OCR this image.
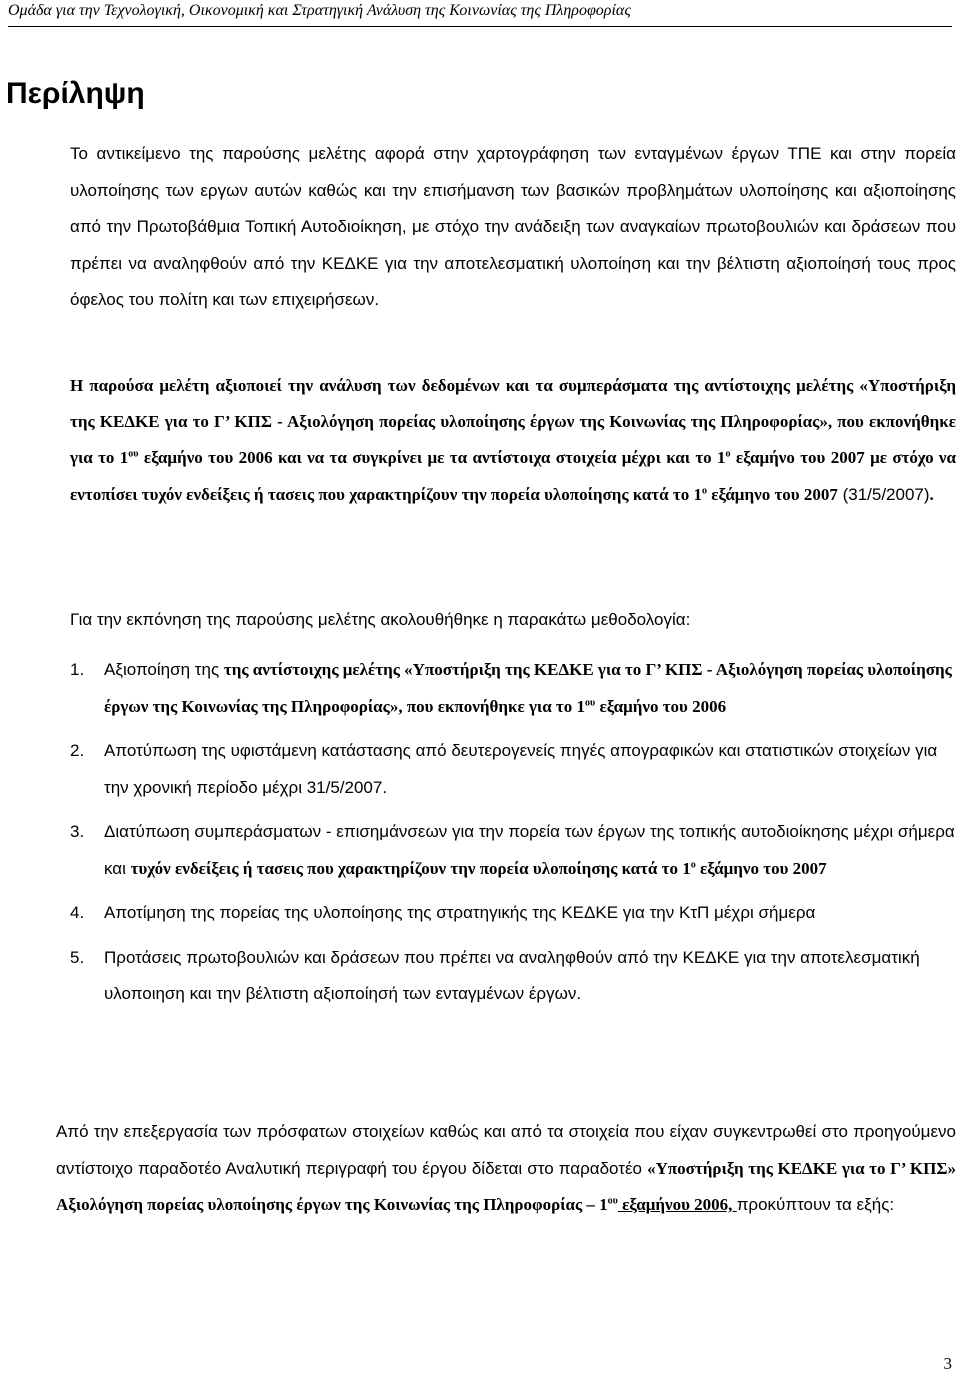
Ομάδα για την Τεχνολογική, Οικονομική και Στρατηγική Ανάλυση της Κοινωνίας της Πληροφορίας
Περίληψη

Το αντικείμενο της παρούσης μελέτης αφορά στην χαρτογράφηση των ενταγμένων έργων ΤΠΕ και στην πορεία υλοποίησης των εργων αυτών καθώς και την επισήμανση των βασικών προβλημάτων υλοποίησης και αξιοποίησης από την Πρωτοβάθμια Τοπική Αυτοδιοίκηση, με στόχο την ανάδειξη των αναγκαίων πρωτοβουλιών και δράσεων που πρέπει να αναληφθούν από την ΚΕΔΚΕ για την αποτελεσματική υλοποίηση και την βέλτιστη αξιοποίησή τους προς όφελος του πολίτη και των επιχειρήσεων.

Η παρούσα μελέτη αξιοποιεί την ανάλυση των δεδομένων και τα συμπεράσματα της αντίστοιχης μελέτης «Υποστήριξη της ΚΕΔΚΕ για το Γ’ ΚΠΣ - Αξιολόγηση πορείας υλοποίησης έργων της Κοινωνίας της Πληροφορίας», που εκπονήθηκε για το $1^{o\upsilon}$ εξαμήνο του 2006 και να τα συγκρίνει με τα αντίστοιχα στοιχεία μέχρι και το $1^o$ εξαμήνο του 2007 με στόχο να εντοπίσει τυχόν ενδείξεις ή τασεις που χαρακτηρίζουν την πορεία υλοποίησης κατά το $1^o$ εξάμηνο του 2007 (31/5/2007).

Για την εκπόνηση της παρούσης μελέτης ακολουθήθηκε η παρακάτω μεθοδολογία:

1. Αξιοποίηση της της αντίστοιχης μελέτης «Υποστήριξη της ΚΕΔΚΕ για το Γ’ ΚΠΣ - Αξιολόγηση πορείας υλοποίησης έργων της Κοινωνίας της Πληροφορίας», που εκπονήθηκε για το $1^{o\upsilon}$ εξαμήνο του 2006
2. Αποτύπωση της υφιστάμενη κατάστασης από δευτερογενείς πηγές απογραφικών και στατιστικών στοιχείων για την χρονική περίοδο μέχρι 31/5/2007.
3. Διατύπωση συμπεράσματων - επισημάνσεων για την πορεία των έργων της τοπικής αυτοδιοίκησης μέχρι σήμερα και τυχόν ενδείξεις ή τασεις που χαρακτηρίζουν την πορεία υλοποίησης κατά το $1^o$ εξάμηνο του 2007
4. Αποτίμηση της πορείας της υλοποίησης της στρατηγικής της ΚΕΔΚΕ για την ΚτΠ μέχρι σήμερα
5. Προτάσεις πρωτοβουλιών και δράσεων που πρέπει να αναληφθούν από την ΚΕΔΚΕ για την αποτελεσματική υλοποιηση και την βέλτιστη αξιοποίησή των ενταγμένων έργων.

Από την επεξεργασία των πρόσφατων στοιχείων καθώς και από τα στοιχεία που είχαν συγκεντρωθεί στο προηγούμενο αντίστοιχο παραδοτέο Αναλυτική περιγραφή του έργου δίδεται στο παραδοτέο «Υποστήριξη της ΚΕΔΚΕ για το Γ’ ΚΠΣ» Αξιολόγηση πορείας υλοποίησης έργων της Κοινωνίας της Πληροφορίας – $1^{o\upsilon}$ εξαμήνου 2006, προκύπτουν τα εξής:

3
